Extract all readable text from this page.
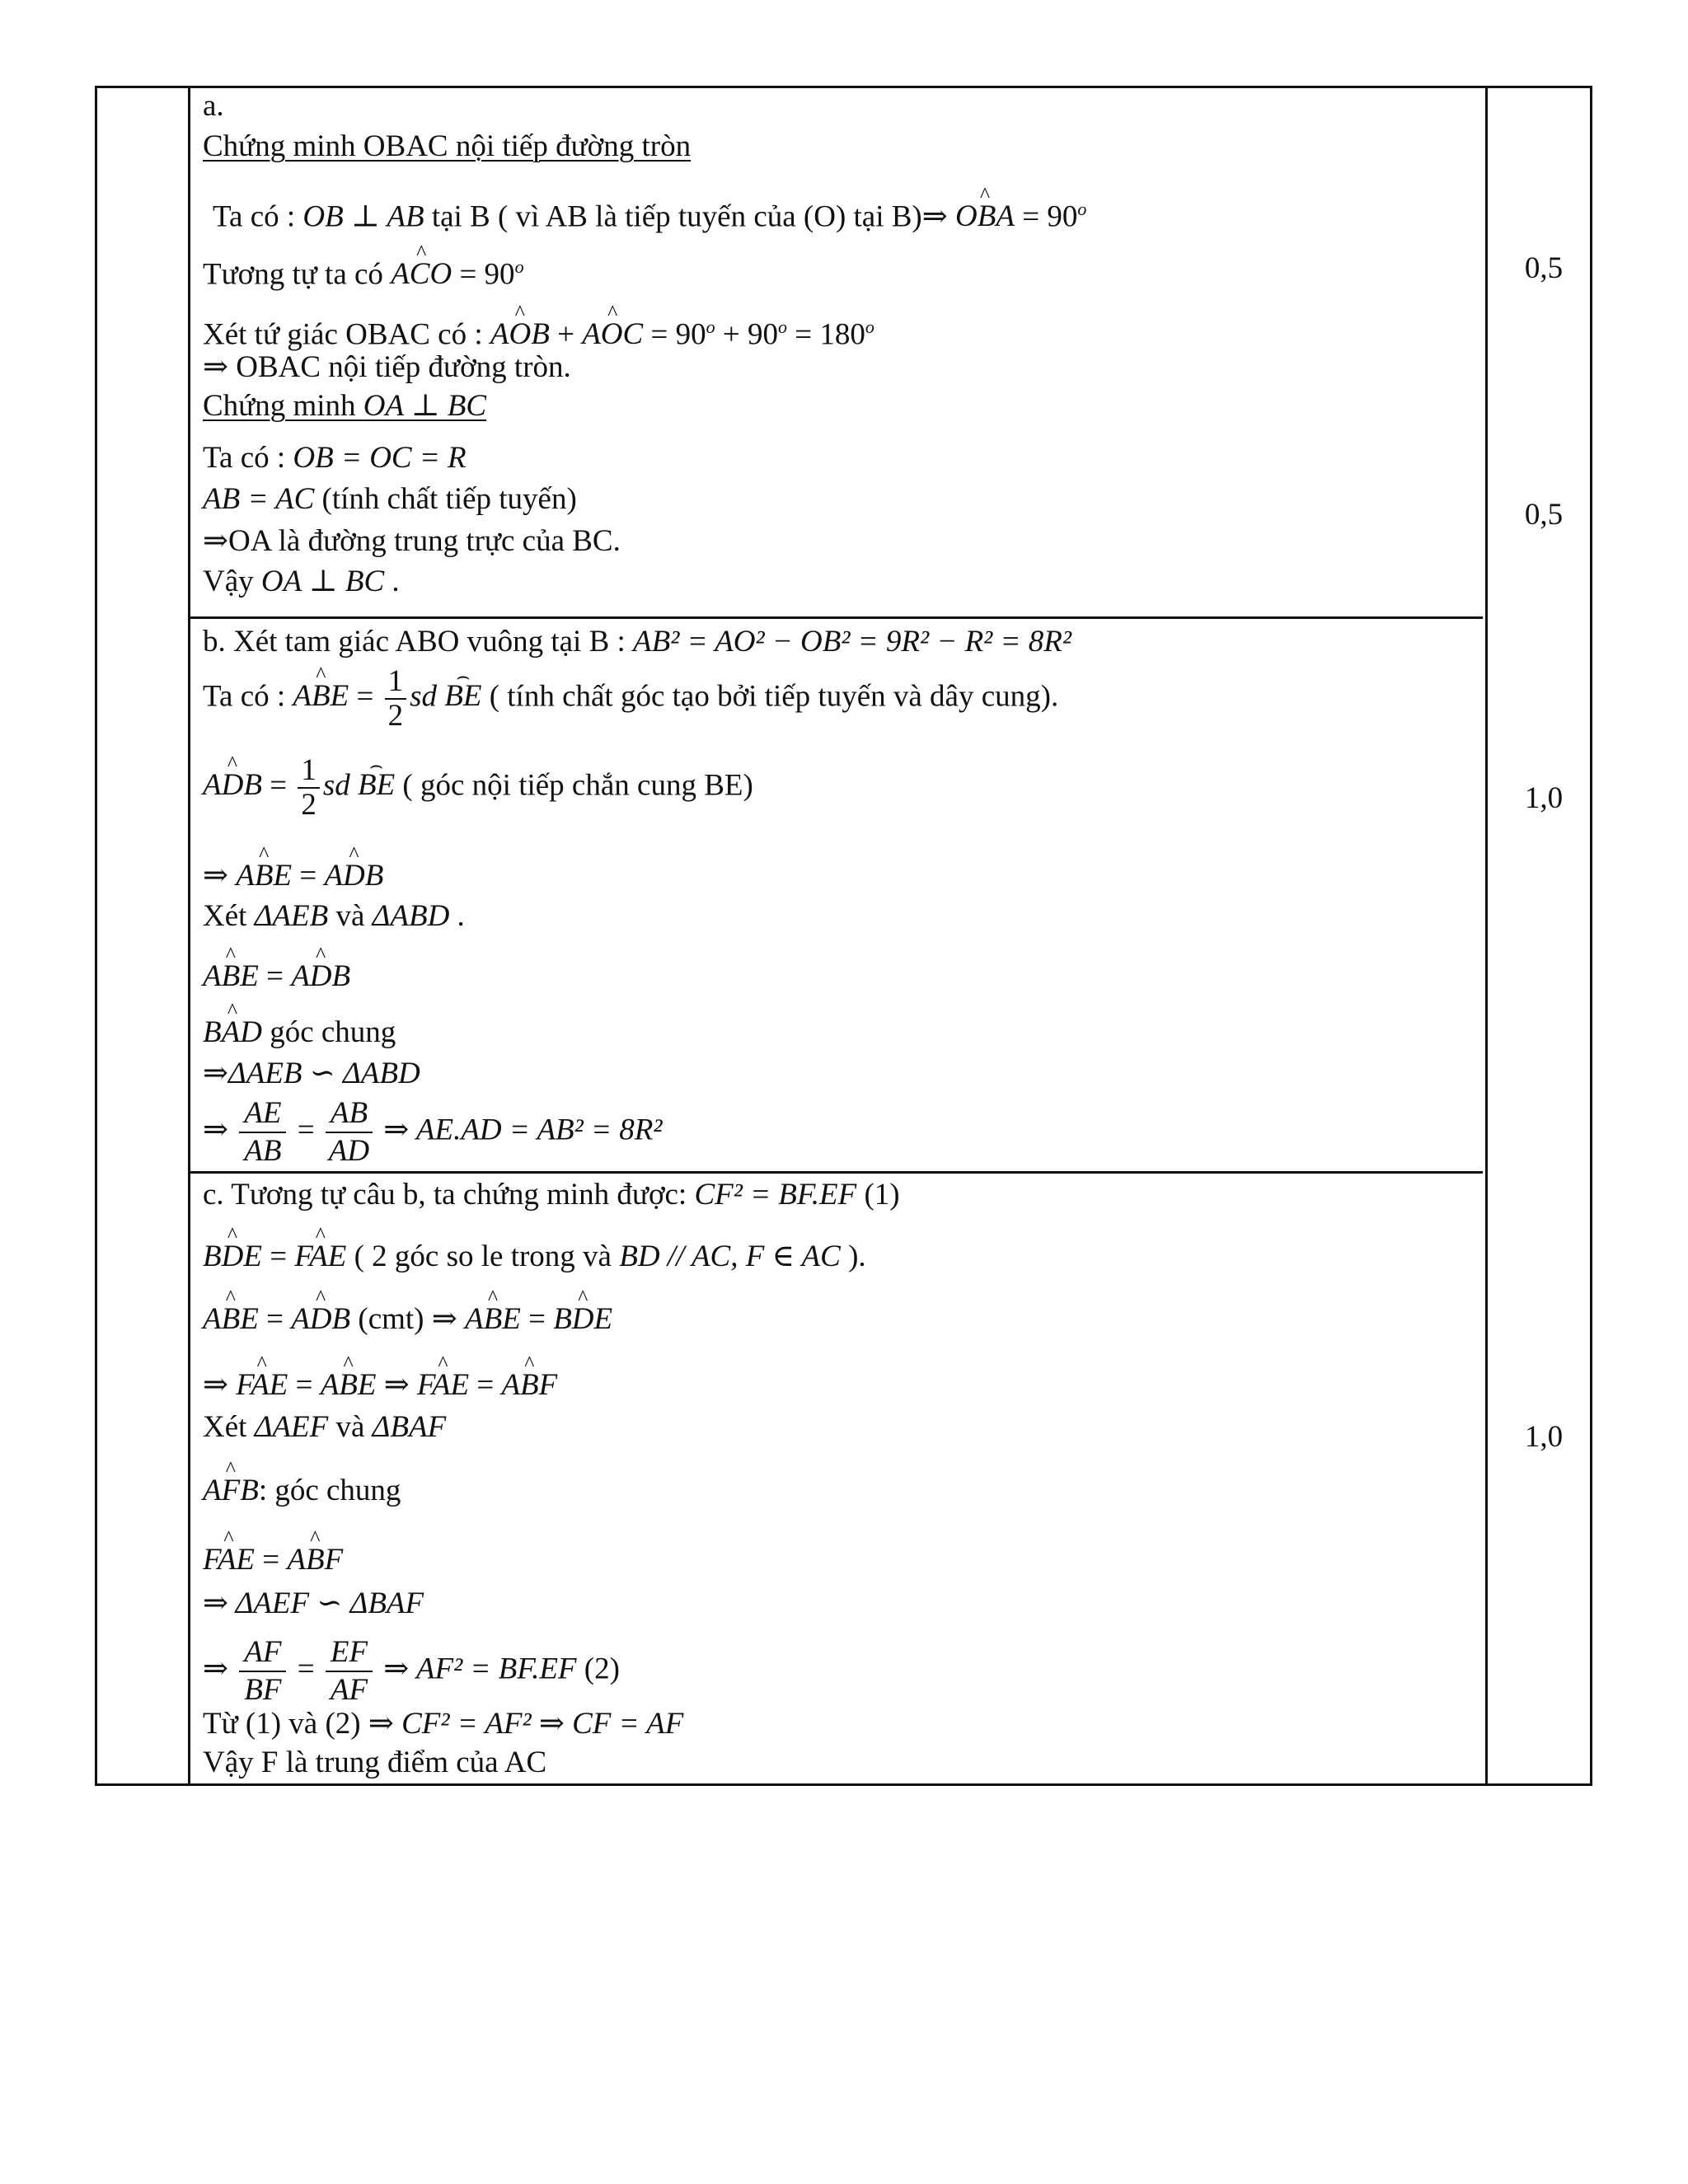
a.
Chứng minh OBAC nội tiếp đường tròn
Ta có : OB ⊥ AB tại B ( vì AB là tiếp tuyến của (O) tại B)⇒ ^ OBA = $90^o$
Tương tự ta có ^ ACO = $90^o$
Xét tứ giác OBAC có : ^ AOB + ^ AOC = $90^o + 90^o = 180^o$
⇒ OBAC nội tiếp đường tròn.
Chứng minh OA ⊥ BC
Ta có : OB = OC = R
AB = AC (tính chất tiếp tuyến)
⇒OA là đường trung trực của BC.
Vậy OA ⊥ BC .
0,5
0,5
b. Xét tam giác ABO vuông tại B : AB² = AO² − OB² = 9R² − R² = 8R²
Ta có : ^ ABE = $\frac{1}{2}$ sd ⌢ BE ( tính chất góc tạo bởi tiếp tuyến và dây cung).
^ ADB = $\frac{1}{2}$ sd ⌢ BE ( góc nội tiếp chắn cung BE)
⇒ ^ ABE = ^ ADB
Xét ΔAEB và ΔABD .
^ ABE = ^ ADB
^ BAD góc chung
⇒ΔAEB ∽ ΔABD
⇒ $\frac{AE}{AB} = \frac{AB}{AD}$ ⇒ AE.AD = AB² = 8R²
1,0
c. Tương tự câu b, ta chứng minh được: CF² = BF.EF (1)
^ BDE = ^ FAE ( 2 góc so le trong và BD // AC, F ∈ AC ).
^ ABE = ^ ADB (cmt) ⇒ ^ ABE = ^ BDE
⇒ ^ FAE = ^ ABE ⇒ ^ FAE = ^ ABF
Xét ΔAEF và ΔBAF
^ AFB: góc chung
^ FAE = ^ ABF
⇒ ΔAEF ∽ ΔBAF
⇒ $\frac{AF}{BF} = \frac{EF}{AF}$ ⇒ AF² = BF.EF (2)
Từ (1) và (2) ⇒ CF² = AF² ⇒ CF = AF
Vậy F là trung điểm của AC
1,0
